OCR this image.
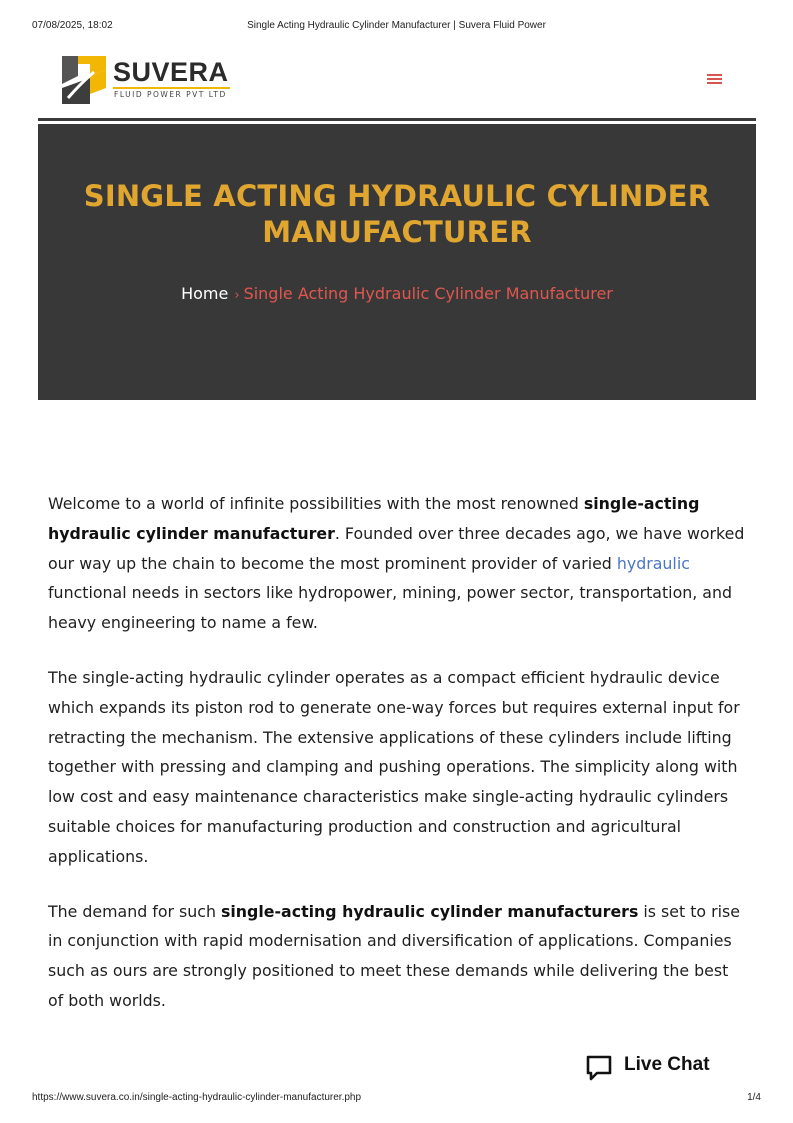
07/08/2025, 18:02	Single Acting Hydraulic Cylinder Manufacturer | Suvera Fluid Power
SUVERA
FLUID POWER PVT LTD
SINGLE ACTING HYDRAULIC CYLINDER
MANUFACTURER
Home › Single Acting Hydraulic Cylinder Manufacturer

Welcome to a world of infinite possibilities with the most renowned single-acting hydraulic cylinder manufacturer. Founded over three decades ago, we have worked our way up the chain to become the most prominent provider of varied hydraulic functional needs in sectors like hydropower, mining, power sector, transportation, and heavy engineering to name a few.

The single-acting hydraulic cylinder operates as a compact efficient hydraulic device which expands its piston rod to generate one-way forces but requires external input for retracting the mechanism. The extensive applications of these cylinders include lifting together with pressing and clamping and pushing operations. The simplicity along with low cost and easy maintenance characteristics make single-acting hydraulic cylinders suitable choices for manufacturing production and construction and agricultural applications.

The demand for such single-acting hydraulic cylinder manufacturers is set to rise in conjunction with rapid modernisation and diversification of applications. Companies such as ours are strongly positioned to meet these demands while delivering the best of both worlds.

Live Chat
https://www.suvera.co.in/single-acting-hydraulic-cylinder-manufacturer.php	1/4
